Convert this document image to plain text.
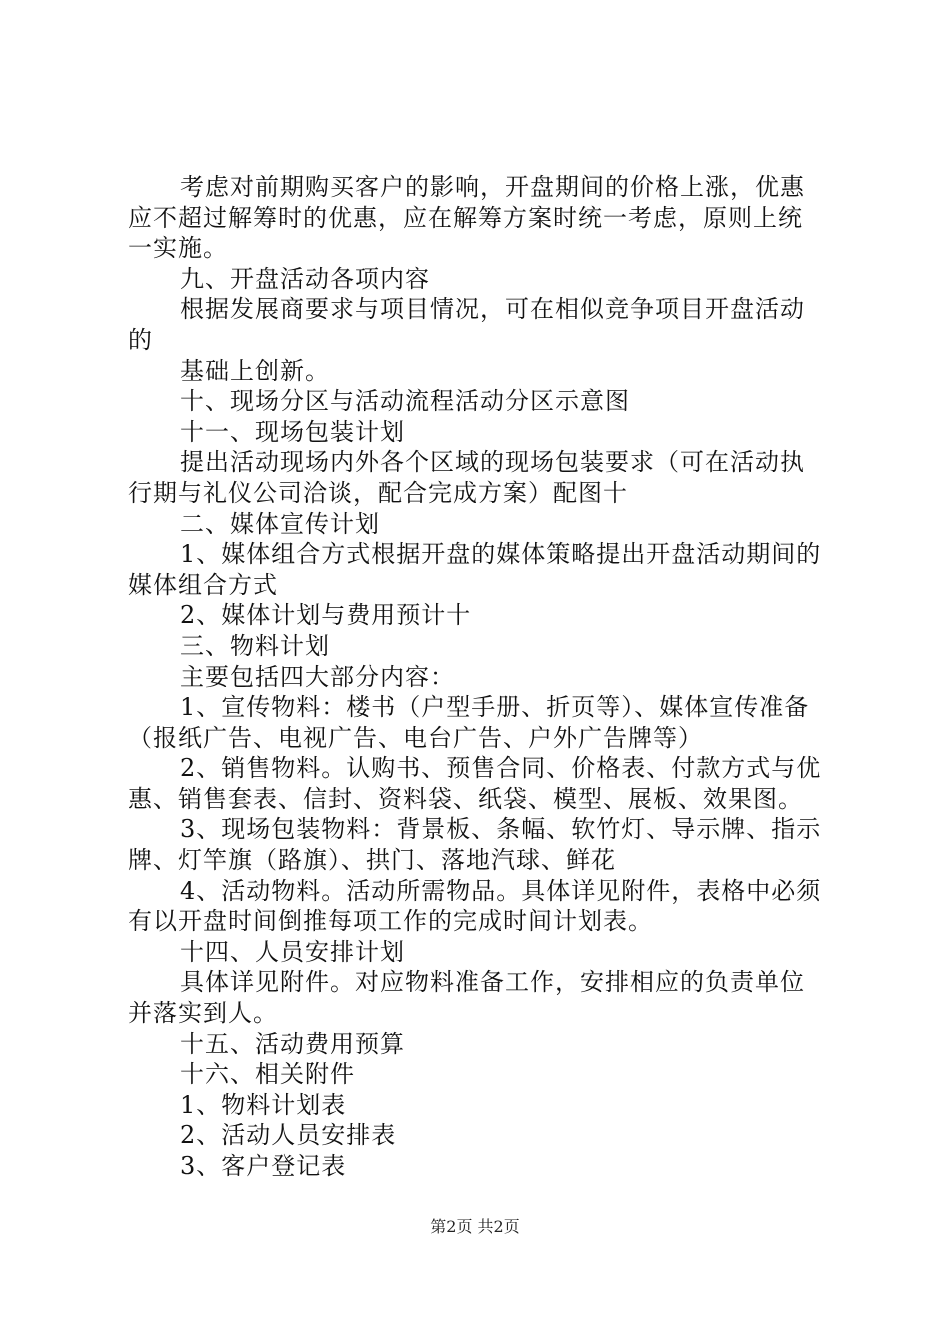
考虑对前期购买客户的影响，开盘期间的价格上涨，优惠
应不超过解筹时的优惠，应在解筹方案时统一考虑，原则上统
一实施。
九、开盘活动各项内容
根据发展商要求与项目情况，可在相似竞争项目开盘活动
的
基础上创新。
十、现场分区与活动流程活动分区示意图
十一、现场包装计划
提出活动现场内外各个区域的现场包装要求（可在活动执
行期与礼仪公司洽谈，配合完成方案）配图十
二、媒体宣传计划
1、媒体组合方式根据开盘的媒体策略提出开盘活动期间的
媒体组合方式
2、媒体计划与费用预计十
三、物料计划
主要包括四大部分内容：
1、宣传物料：楼书（户型手册、折页等）、媒体宣传准备
（报纸广告、电视广告、电台广告、户外广告牌等）
2、销售物料。认购书、预售合同、价格表、付款方式与优
惠、销售套表、信封、资料袋、纸袋、模型、展板、效果图。
3、现场包装物料：背景板、条幅、软竹灯、导示牌、指示
牌、灯竿旗（路旗）、拱门、落地汽球、鲜花
4、活动物料。活动所需物品。具体详见附件，表格中必须
有以开盘时间倒推每项工作的完成时间计划表。
十四、人员安排计划
具体详见附件。对应物料准备工作，安排相应的负责单位
并落实到人。
十五、活动费用预算
十六、相关附件
1、物料计划表
2、活动人员安排表
3、客户登记表
第2页 共2页
